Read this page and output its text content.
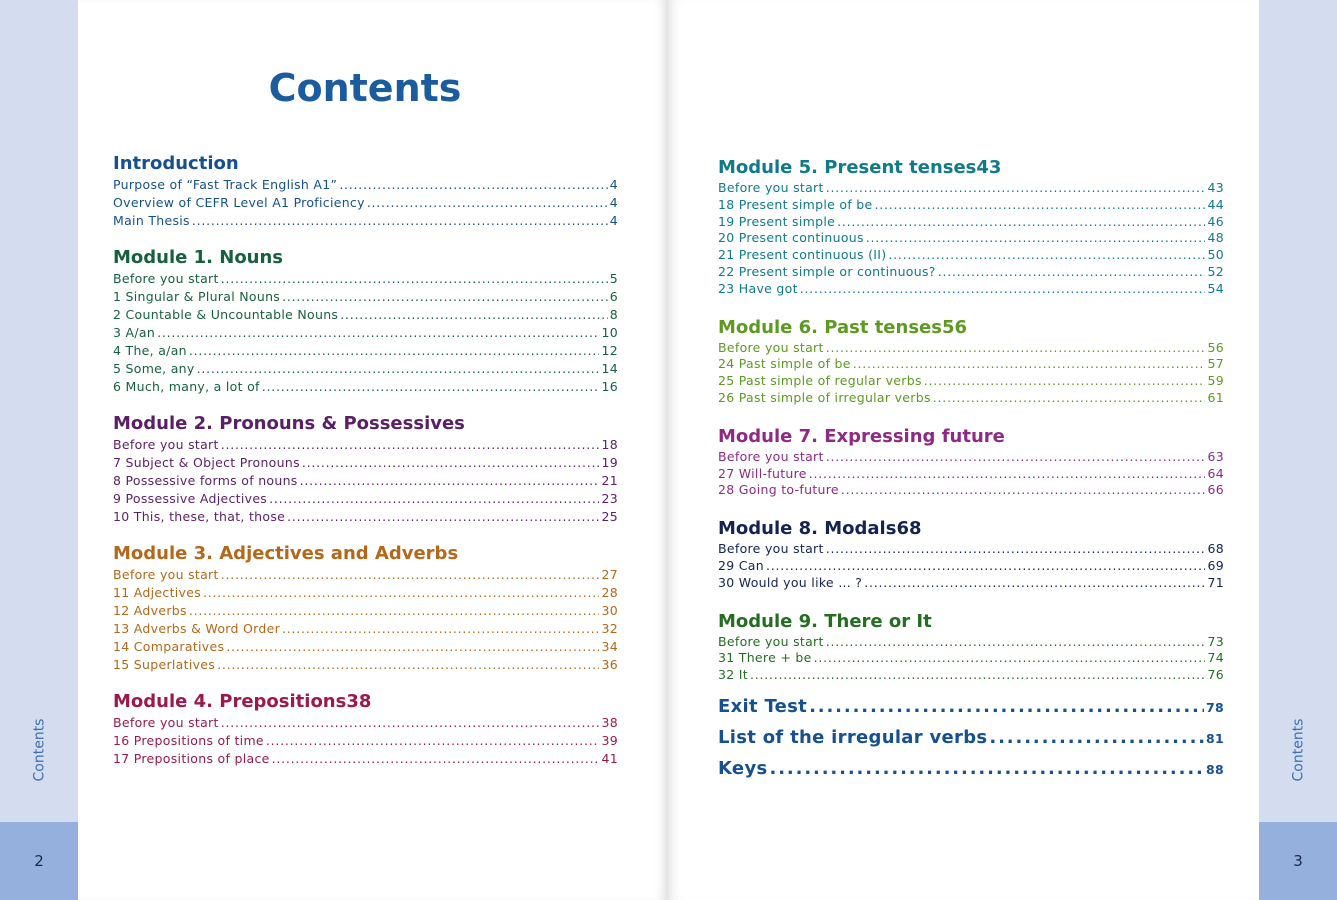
Contents
2
Contents
Introduction
Purpose of “Fast Track English A1” . . .	4
Overview of CEFR Level A1 Proficiency . . .	4
Main Thesis . . .	4
Module 1. Nouns
Before you start . . .	5
1 Singular & Plural Nouns . . .	6
2 Countable & Uncountable Nouns . . .	8
3 A/an . . .	10
4 The, a/an . . .	12
5 Some, any . . .	14
6 Much, many, a lot of . . .	16
Module 2. Pronouns & Possessives
Before you start . . .	18
7 Subject & Object Pronouns . . .	19
8 Possessive forms of nouns . . .	21
9 Possessive Adjectives . . .	23
10 This, these, that, those . . .	25
Module 3. Adjectives and Adverbs
Before you start . . .	27
11 Adjectives . . .	28
12 Adverbs . . .	30
13 Adverbs & Word Order . . .	32
14 Comparatives . . .	34
15 Superlatives . . .	36
Module 4. Prepositions38
Before you start . . .	38
16 Prepositions of time . . .	39
17 Prepositions of place . . .	41
Module 5. Present tenses43
Before you start . . .	43
18 Present simple of be . . .	44
19 Present simple . . .	46
20 Present continuous . . .	48
21 Present continuous (II) . . .	50
22 Present simple or continuous? . . .	52
23 Have got . . .	54
Module 6. Past tenses56
Before you start . . .	56
24 Past simple of be . . .	57
25 Past simple of regular verbs . . .	59
26 Past simple of irregular verbs . . .	61
Module 7. Expressing future
Before you start . . .	63
27 Will-future . . .	64
28 Going to-future . . .	66
Module 8. Modals68
Before you start . . .	68
29 Can . . .	69
30 Would you like … ? . . .	71
Module 9. There or It
Before you start . . .	73
31 There + be . . .	74
32 It . . .	76
Exit Test . . .	78
List of the irregular verbs . . .	81
Keys . . .	88	Contents
3
